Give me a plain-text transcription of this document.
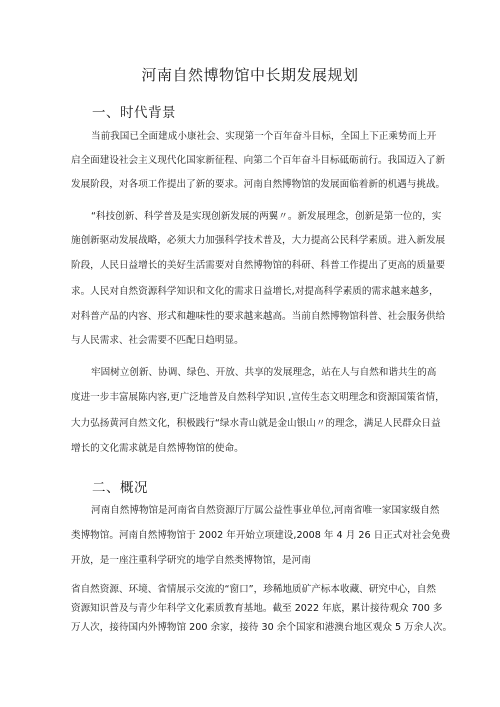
河南自然博物馆中长期发展规划
一、时代背景
当前我国已全面建成小康社会、实现第一个百年奋斗目标，全国上下正乘势而上开
启全面建设社会主义现代化国家新征程、向第二个百年奋斗目标砥砺前行。我国迈入了新
发展阶段，对各项工作提出了新的要求。河南自然博物馆的发展面临着新的机遇与挑战。
“科技创新、科学普及是实现创新发展的两翼〃。新发展理念，创新是第一位的，实
施创新驱动发展战略，必须大力加强科学技术普及，大力提高公民科学素质。进入新发展
阶段，人民日益增长的美好生活需要对自然博物馆的科研、科普工作提出了更高的质量要
求。人民对自然资源科学知识和文化的需求日益增长,对提高科学素质的需求越来越多，
对科普产品的内容、形式和趣味性的要求越来越高。当前自然博物馆科普、社会服务供给
与人民需求、社会需要不匹配日趋明显。
牢固树立创新、协调、绿色、开放、共享的发展理念，站在人与自然和谐共生的高
度进一步丰富展陈内容,更广泛地普及自然科学知识 ,宣传生态文明理念和资源国策省情，
大力弘扬黄河自然文化，积极践行“绿水青山就是金山银山〃的理念，满足人民群众日益
增长的文化需求就是自然博物馆的使命。
二、概况
河南自然博物馆是河南省自然资源厅厅属公益性事业单位,河南省唯一家国家级自然
类博物馆。河南自然博物馆于 2002 年开始立项建设,2008 年 4 月 26 日正式对社会免费
开放，是一座注重科学研究的地学自然类博物馆，是河南
省自然资源、环境、省情展示交流的“窗口”，珍稀地质矿产标本收藏、研究中心，自然
资源知识普及与青少年科学文化素质教育基地。截至 2022 年底，累计接待观众 700 多
万人次，接待国内外博物馆 200 余家，接待 30 余个国家和港澳台地区观众 5 万余人次。
